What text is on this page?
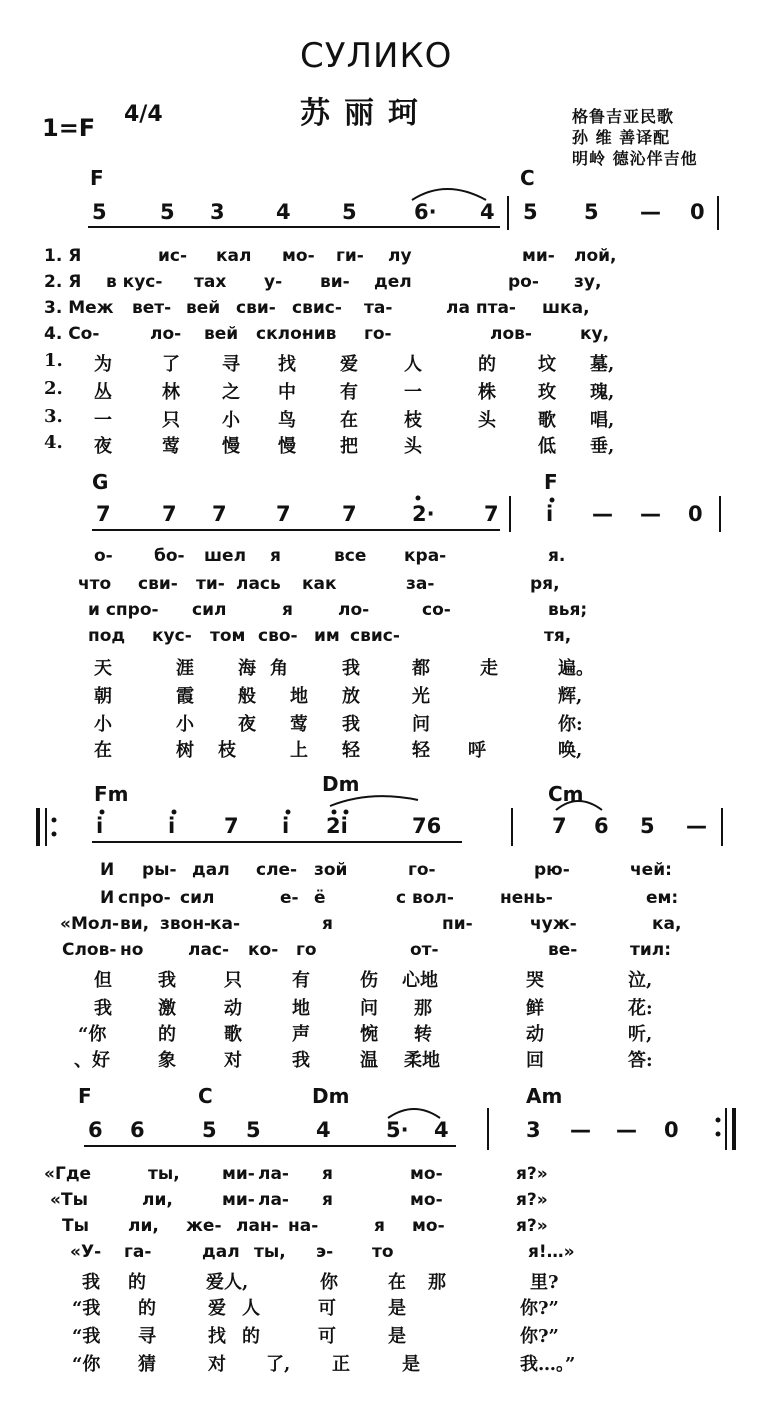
СУЛИКО
苏丽珂
1=F 4/4	格鲁吉亚民歌
孙 维 善译配
明岭 德沁伴吉他
F	C
5	5 3 4 5	6· 4 5 5 — 0
1. Я	ис- кал мо- ги- лу	ми- лой,
2. Я в кус- тах у- ви- дел	ро- зу,
3. Меж вет- вей сви- свис- та-	ла пта- шка,
4. Со-	ло- вей скло-
нив го-	лов-	ку,
1. 为	了 寻 找 爱	人	的 坟 墓,
2. 丛	林 之 中 有	一	株 玫 瑰,
3. 一	只 小 鸟 在	枝	头 歌 唱,
4. 夜	莺 慢 慢 把	头	低 垂,
G	F
7 7 7 7 7	2· 7 i — — 0
о- бо- шел я	все кра-	я.
что сви- ти- лась как	за-	ря,
и спро- сил	я	ло-	со-	вья;
под кус- том сво- им свис-	тя,
天	涯 海 角	我	都	走	遍。
朝	霞 般 地 放	光	辉,
小	小 夜 莺 我	问	你:
在	树 枝	上 轻	轻 呼	唤,
Fm	Dm	Cm
i	i 7 i 2i	76	7 6 5 —
И ры- дал сле- зой	го-	рю-	чей:
И спро- сил	е- ё	с вол-	нень-	ем:
«Мол- ви, звон-
ка-	я	пи-	чуж-	ка,
Слов- но	лас- ко- го	от-	ве-	тил:
但	我	只	有	伤 心地	哭	泣,
我	激	动	地	问 那	鲜	花:
“你	的	歌	声	惋 转	动	听,
、好	象	对	我	温 柔地	回	答:
F	C	Dm	Am
6 6	5 5	4	5· 4	3 — — 0
«Где	ты, ми- ла- я	мо-	я?»
«Ты	ли,	ми- ла- я	мо-	я?»
Ты ли, же- лан- на-	я мо-	я?»
«У- га-	дал ты, э- то	я!…»
我 的	爱人,	你	在 那	里?
“我 的	爱 人	可	是	你?”
“我 寻	找 的	可	是	你?”
“你 猜	对 了, 正	是	我…。”
